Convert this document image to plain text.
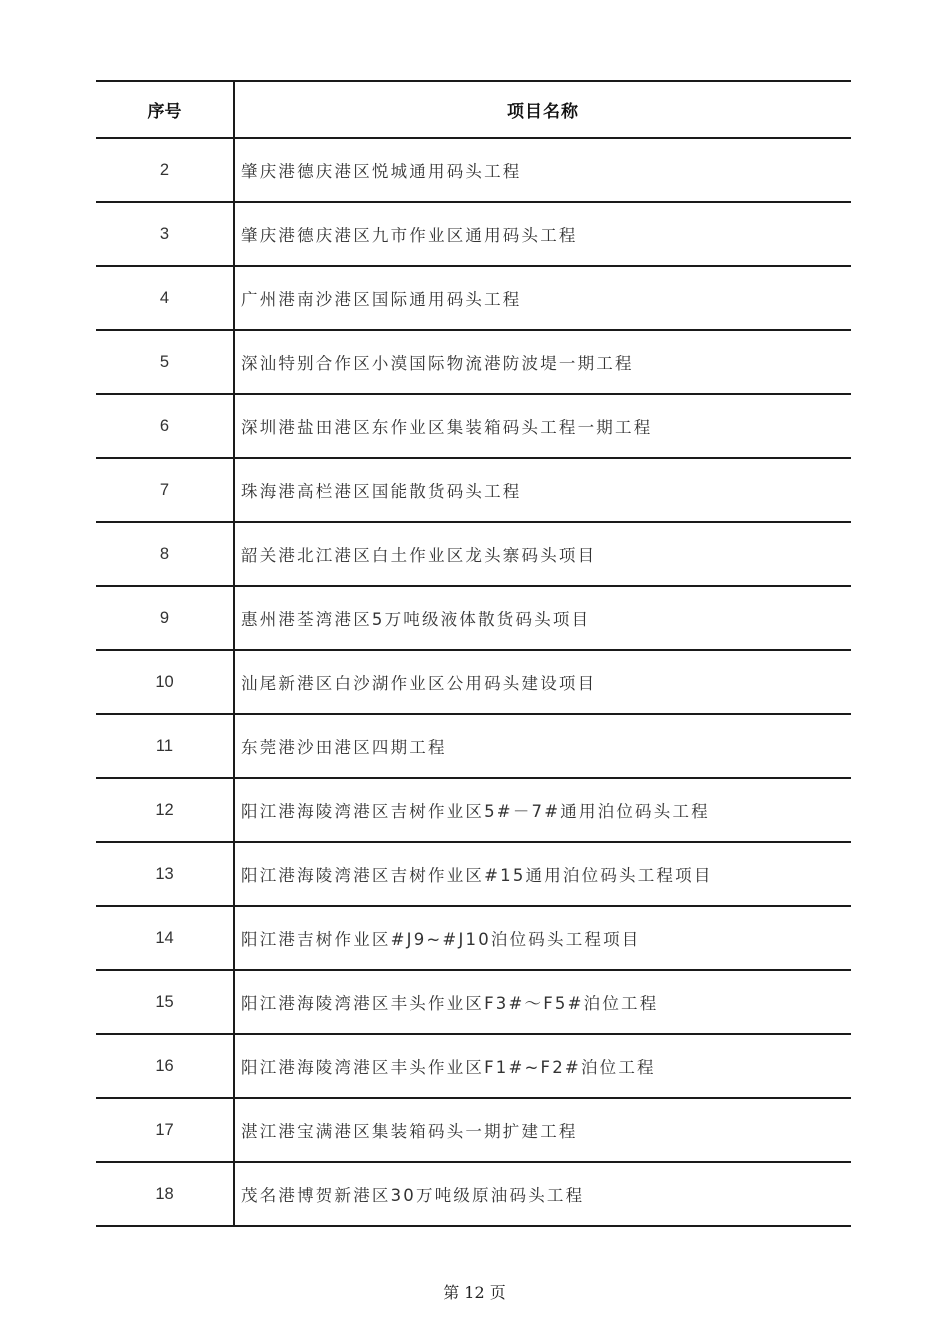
序号	项目名称
2	肇庆港德庆港区悦城通用码头工程
3	肇庆港德庆港区九市作业区通用码头工程
4	广州港南沙港区国际通用码头工程
5	深汕特别合作区小漠国际物流港防波堤一期工程
6	深圳港盐田港区东作业区集装箱码头工程一期工程
7	珠海港高栏港区国能散货码头工程
8	韶关港北江港区白土作业区龙头寨码头项目
9	惠州港荃湾港区5万吨级液体散货码头项目
10	汕尾新港区白沙湖作业区公用码头建设项目
11	东莞港沙田港区四期工程
12	阳江港海陵湾港区吉树作业区5#－7#通用泊位码头工程
13	阳江港海陵湾港区吉树作业区#15通用泊位码头工程项目
14	阳江港吉树作业区#J9~#J10泊位码头工程项目
15	阳江港海陵湾港区丰头作业区F3#～F5#泊位工程
16	阳江港海陵湾港区丰头作业区F1#~F2#泊位工程
17	湛江港宝满港区集装箱码头一期扩建工程
18	茂名港博贺新港区30万吨级原油码头工程
第 12 页
